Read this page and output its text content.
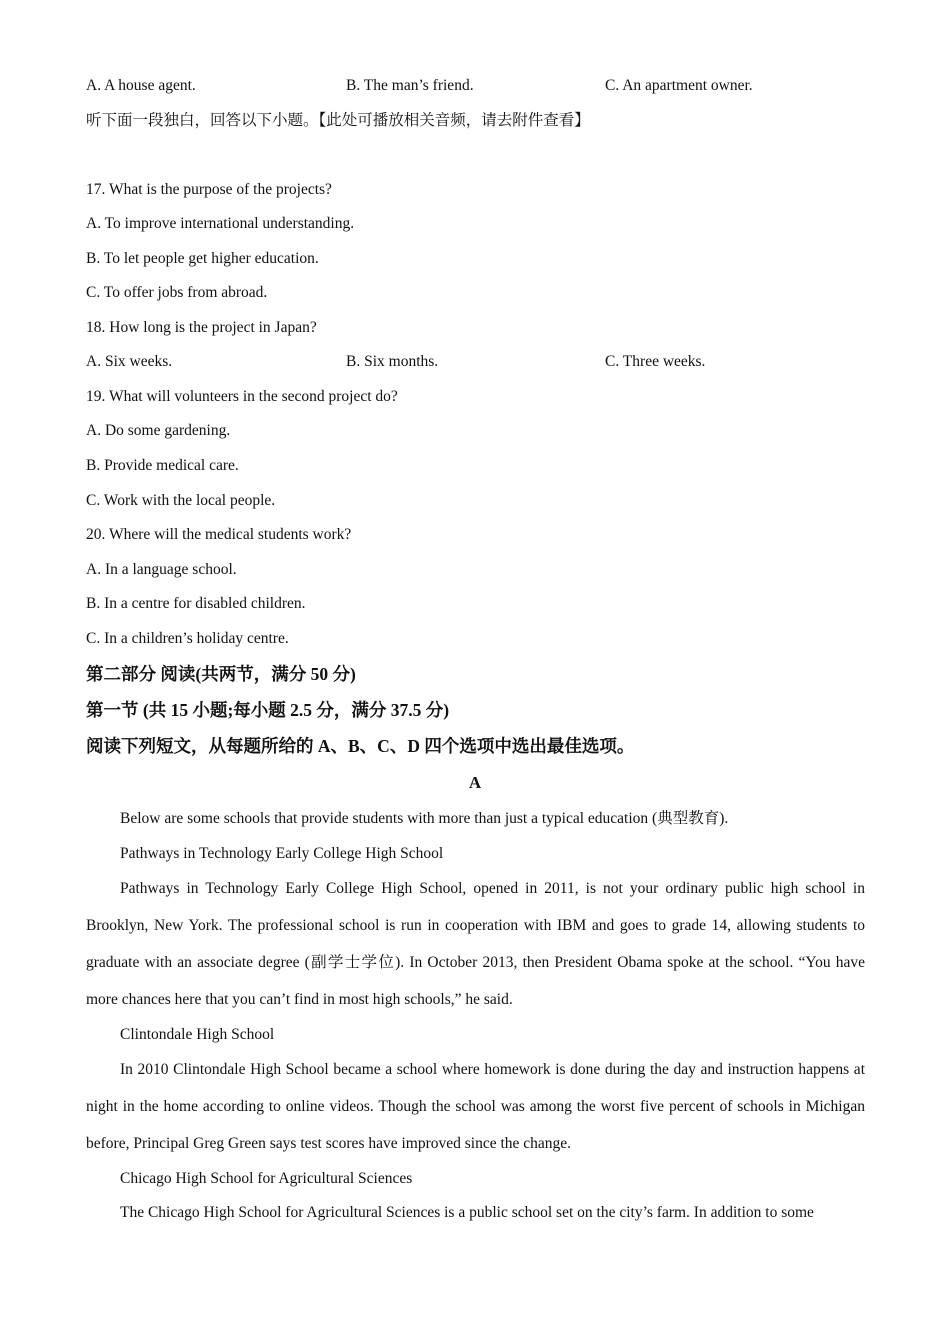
A. A house agent.	B. The man’s friend.	C. An apartment owner.
听下面一段独白，回答以下小题。【此处可播放相关音频，请去附件查看】
17. What is the purpose of the projects?
A. To improve international understanding.
B. To let people get higher education.
C. To offer jobs from abroad.
18. How long is the project in Japan?
A. Six weeks.	B. Six months.	C. Three weeks.
19. What will volunteers in the second project do?
A. Do some gardening.
B. Provide medical care.
C. Work with the local people.
20. Where will the medical students work?
A. In a language school.
B. In a centre for disabled children.
C. In a children’s holiday centre.
第二部分 阅读(共两节，满分 50 分)
第一节 (共 15 小题;每小题 2.5 分，满分 37.5 分)
阅读下列短文，从每题所给的 A、B、C、D 四个选项中选出最佳选项。
A
Below are some schools that provide students with more than just a typical education (典型教育).
Pathways in Technology Early College High School
Pathways in Technology Early College High School, opened in 2011, is not your ordinary public high school in Brooklyn, New York. The professional school is run in cooperation with IBM and goes to grade 14, allowing students to graduate with an associate degree (副学士学位). In October 2013, then President Obama spoke at the school. “You have more chances here that you can’t find in most high schools,” he said.
Clintondale High School
In 2010 Clintondale High School became a school where homework is done during the day and instruction happens at night in the home according to online videos. Though the school was among the worst five percent of schools in Michigan before, Principal Greg Green says test scores have improved since the change.
Chicago High School for Agricultural Sciences
The Chicago High School for Agricultural Sciences is a public school set on the city’s farm. In addition to some
